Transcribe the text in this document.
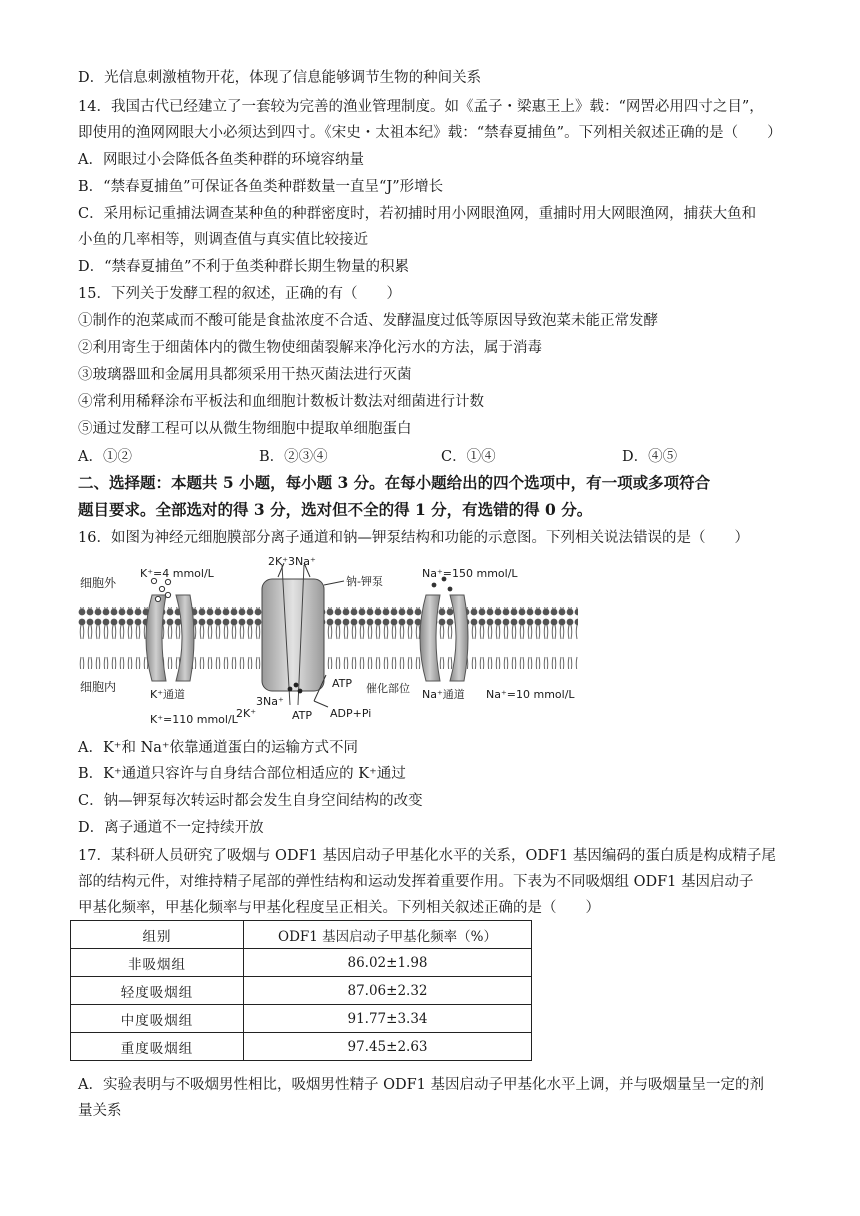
D．光信息刺激植物开花，体现了信息能够调节生物的种间关系
14．我国古代已经建立了一套较为完善的渔业管理制度。如《孟子・梁惠王上》载：“网罟必用四寸之目”，
即使用的渔网网眼大小必须达到四寸。《宋史・太祖本纪》载：“禁春夏捕鱼”。下列相关叙述正确的是（　　）
A．网眼过小会降低各鱼类种群的环境容纳量
B．“禁春夏捕鱼”可保证各鱼类种群数量一直呈“J”形增长
C．采用标记重捕法调查某种鱼的种群密度时，若初捕时用小网眼渔网，重捕时用大网眼渔网，捕获大鱼和
小鱼的几率相等，则调查值与真实值比较接近
D．“禁春夏捕鱼”不利于鱼类种群长期生物量的积累
15．下列关于发酵工程的叙述，正确的有（　　）
①制作的泡菜咸而不酸可能是食盐浓度不合适、发酵温度过低等原因导致泡菜未能正常发酵
②利用寄生于细菌体内的微生物使细菌裂解来净化污水的方法，属于消毒
③玻璃器皿和金属用具都须采用干热灭菌法进行灭菌
④常利用稀释涂布平板法和血细胞计数板计数法对细菌进行计数
⑤通过发酵工程可以从微生物细胞中提取单细胞蛋白
A．①②	B．②③④	C．①④	D．④⑤
二、选择题：本题共 5 小题，每小题 3 分。在每小题给出的四个选项中，有一项或多项符合
题目要求。全部选对的得 3 分，选对但不全的得 1 分，有选错的得 0 分。
16．如图为神经元细胞膜部分离子通道和钠—钾泵结构和功能的示意图。下列相关说法错误的是（　　）
细胞外
细胞内
K⁺=4 mmol/L
K⁺=110 mmol/L
Na⁺=150 mmol/L
Na⁺=10 mmol/L
K⁺通道	Na⁺通道
钠-钾泵
2K⁺3Na⁺
催化部位
ATP
ATP ADP+Pi
3Na⁺
2K⁺
A．K⁺和 Na⁺依靠通道蛋白的运输方式不同
B．K⁺通道只容许与自身结合部位相适应的 K⁺通过
C．钠—钾泵每次转运时都会发生自身空间结构的改变
D．离子通道不一定持续开放
17．某科研人员研究了吸烟与 ODF1 基因启动子甲基化水平的关系，ODF1 基因编码的蛋白质是构成精子尾
部的结构元件，对维持精子尾部的弹性结构和运动发挥着重要作用。下表为不同吸烟组 ODF1 基因启动子
甲基化频率，甲基化频率与甲基化程度呈正相关。下列相关叙述正确的是（　　）
组别	ODF1 基因启动子甲基化频率（%）
非吸烟组	86.02±1.98
轻度吸烟组	87.06±2.32
中度吸烟组	91.77±3.34
重度吸烟组	97.45±2.63
A．实验表明与不吸烟男性相比，吸烟男性精子 ODF1 基因启动子甲基化水平上调，并与吸烟量呈一定的剂
量关系
